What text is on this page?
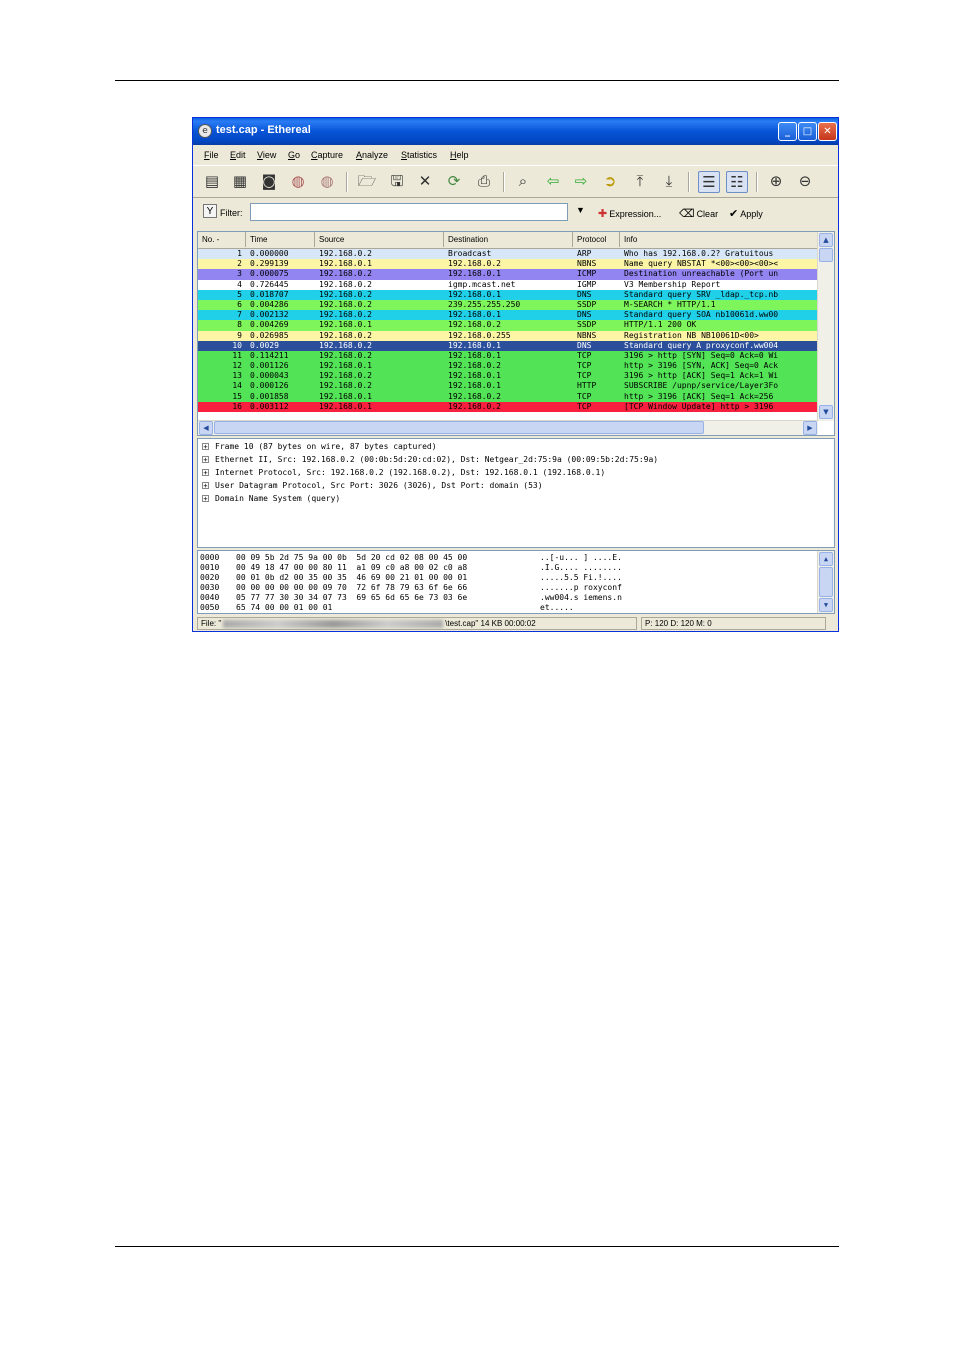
e test.cap - Ethereal	_	□	✕
File Edit View Go Capture Analyze Statistics Help
▤ ▦ ◙ ◍ ◍ 🗁 🖫 ✕ ⟳ ⎙	⌕	⇦ ⇨ ➲	⤒	⤓	☰ ☷ ⊕ ⊖
Y Filter:	▼ ✚ Expression... ⌫ Clear ✔ Apply
No. -	Time	Source	Destination	Protocol	Info
1 0.000000	192.168.0.2	Broadcast	ARP	Who has 192.168.0.2? Gratuitous
2 0.299139	192.168.0.1	192.168.0.2	NBNS	Name query NBSTAT *<00><00><00><
3 0.000075	192.168.0.2	192.168.0.1	ICMP	Destination unreachable (Port un
4 0.726445	192.168.0.2	igmp.mcast.net	IGMP	V3 Membership Report
5 0.018707	192.168.0.2	192.168.0.1	DNS	Standard query SRV _ldap._tcp.nb
6 0.004286	192.168.0.2	239.255.255.250	SSDP	M-SEARCH * HTTP/1.1
7 0.002132	192.168.0.2	192.168.0.1	DNS	Standard query SOA nb10061d.ww00
8 0.004269	192.168.0.1	192.168.0.2	SSDP	HTTP/1.1 200 OK
9 0.026985	192.168.0.2	192.168.0.255	NBNS	Registration NB NB10061D<00>
10 0.0029	192.168.0.2	192.168.0.1	DNS	Standard query A proxyconf.ww004
11 0.114211	192.168.0.2	192.168.0.1	TCP	3196 > http [SYN] Seq=0 Ack=0 Wi
12 0.001126	192.168.0.1	192.168.0.2	TCP	http > 3196 [SYN, ACK] Seq=0 Ack
13 0.000043	192.168.0.2	192.168.0.1	TCP	3196 > http [ACK] Seq=1 Ack=1 Wi
14 0.000126	192.168.0.2	192.168.0.1	HTTP	SUBSCRIBE /upnp/service/Layer3Fo
15 0.001858	192.168.0.1	192.168.0.2	TCP	http > 3196 [ACK] Seq=1 Ack=256
16 0.003112	192.168.0.1	192.168.0.2	TCP	[TCP Window Update] http > 3196
▲
▼
◀	▶
+ Frame 10 (87 bytes on wire, 87 bytes captured)
+ Ethernet II, Src: 192.168.0.2 (00:0b:5d:20:cd:02), Dst: Netgear_2d:75:9a (00:09:5b:2d:75:9a)
+ Internet Protocol, Src: 192.168.0.2 (192.168.0.2), Dst: 192.168.0.1 (192.168.0.1)
+ User Datagram Protocol, Src Port: 3026 (3026), Dst Port: domain (53)
+ Domain Name System (query)
0000 00 09 5b 2d 75 9a 00 0b  5d 20 cd 02 08 00 45 00	..[-u... ] ....E.
0010 00 49 18 47 00 00 80 11  a1 09 c0 a8 00 02 c0 a8	.I.G.... ........
0020 00 01 0b d2 00 35 00 35  46 69 00 21 01 00 00 01	.....5.5 Fi.!....
0030 00 00 00 00 00 00 09 70  72 6f 78 79 63 6f 6e 66	.......p roxyconf
0040 05 77 77 30 30 34 07 73  69 65 6d 65 6e 73 03 6e	.ww004.s iemens.n
0050 65 74 00 00 01 00 01	et.....
▲
▼
File: "	\test.cap" 14 KB 00:00:02	P: 120 D: 120 M: 0
